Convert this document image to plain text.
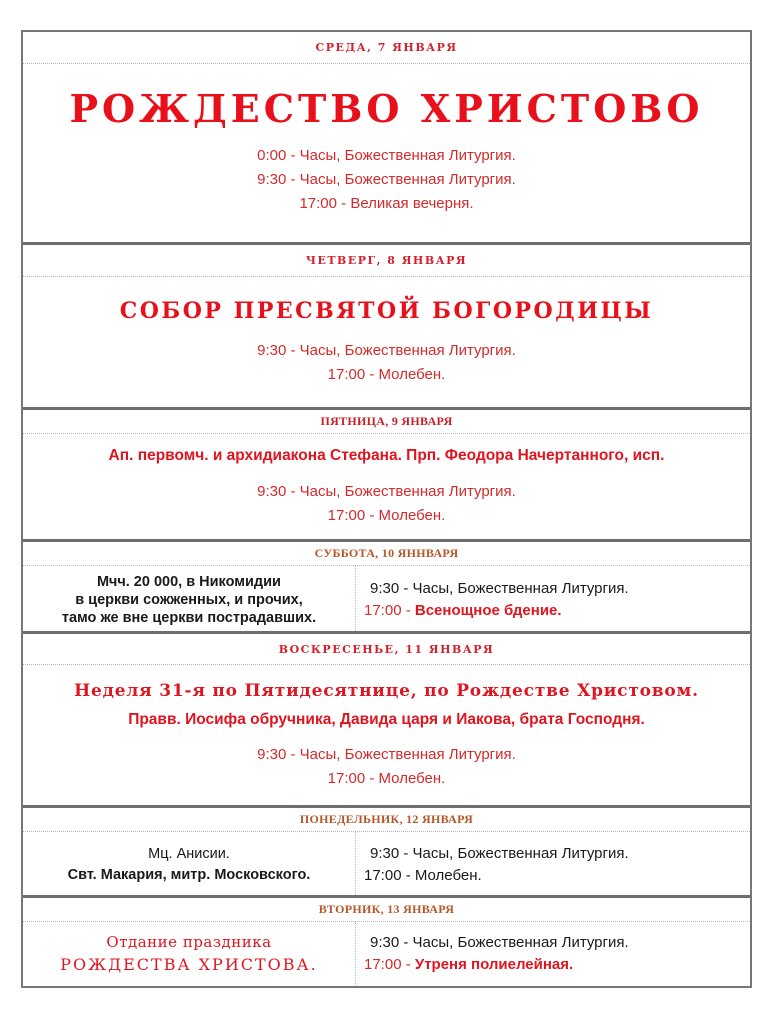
СРЕДА, 7 ЯНВАРЯ
РОЖДЕСТВО ХРИСТОВО
0:00 - Часы, Божественная Литургия.
9:30 - Часы, Божественная Литургия.
17:00 - Великая вечерня.
ЧЕТВЕРГ, 8 ЯНВАРЯ
СОБОР ПРЕСВЯТОЙ БОГОРОДИЦЫ
9:30 - Часы, Божественная Литургия.
17:00 - Молебен.
ПЯТНИЦА, 9 ЯНВАРЯ
Ап. первомч. и архидиакона Стефана. Прп. Феодора Начертанного, исп.
9:30 - Часы, Божественная Литургия.
17:00 - Молебен.
СУББОТА, 10 ЯННВАРЯ
Мчч. 20 000, в Никомидии
в церкви сожженных, и прочих,
тамо же вне церкви пострадавших.
9:30 - Часы, Божественная Литургия.
17:00 - Всенощное бдение.
ВОСКРЕСЕНЬЕ, 11 ЯНВАРЯ
Неделя 31-я по Пятидесятнице, по Рождестве Христовом.
Правв. Иосифа обручника, Давида царя и Иакова, брата Господня.
9:30 - Часы, Божественная Литургия.
17:00 - Молебен.
ПОНЕДЕЛЬНИК, 12 ЯНВАРЯ
Мц. Анисии.
Свт. Макария, митр. Московского.
9:30 - Часы, Божественная Литургия.
17:00 - Молебен.
ВТОРНИК, 13 ЯНВАРЯ
Отдание праздника
РОЖДЕСТВА ХРИСТОВА.
9:30 - Часы, Божественная Литургия.
17:00 - Утреня полиелейная.
